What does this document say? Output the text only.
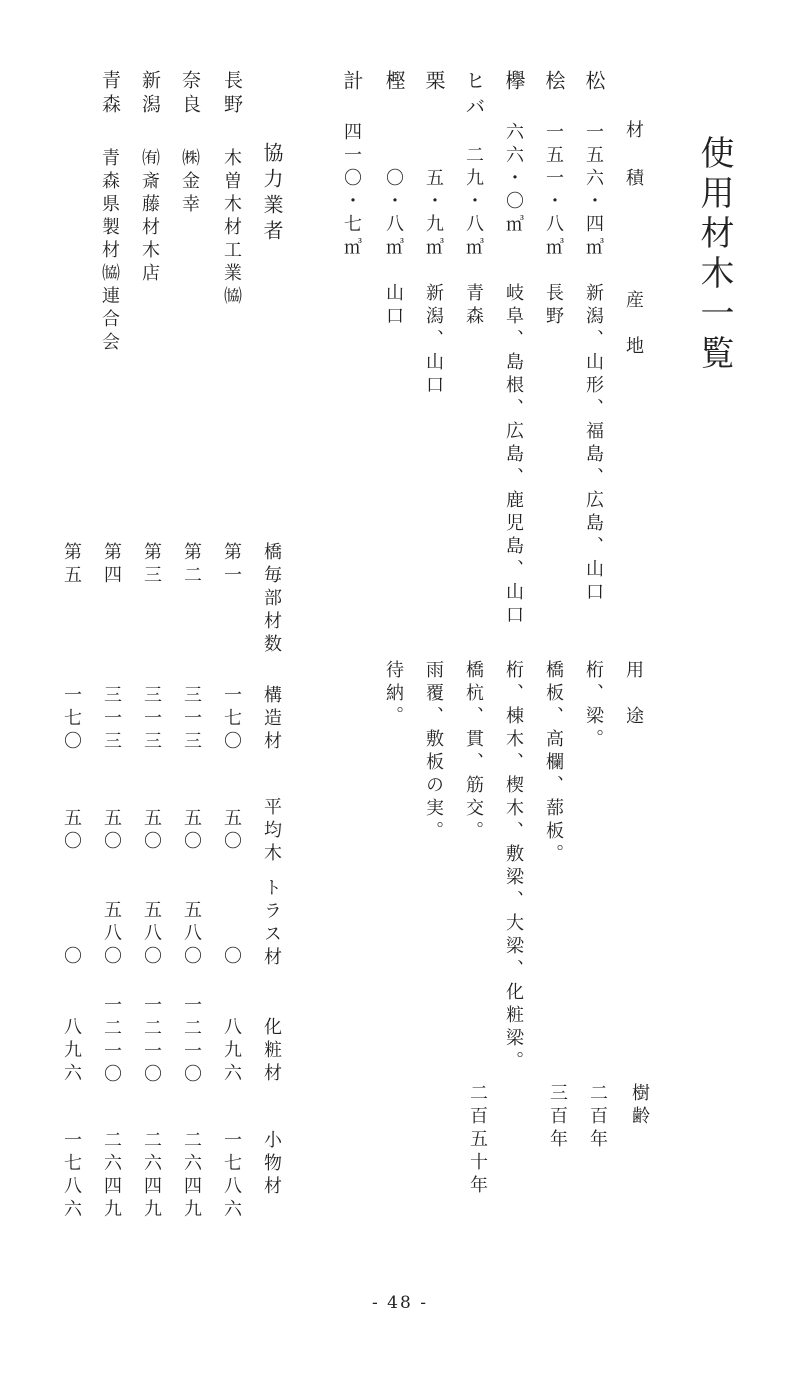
使用材木一覧
材
積
産　地
用　途
樹齢
松
一五六・四㎥
新潟、山形、福島、広島、山口
桁、梁。
二百年
桧
一五一・八㎥
長野
橋板、高欄、蔀板。
三百年
欅
六六・〇㎥
岐阜、島根、広島、鹿児島、山口
桁、棟木、楔木、敷梁、大梁、化粧梁。
ヒバ
二九・八㎥
青森
橋杭、貫、筋交。
二百五十年
栗
五・九㎥
新潟、山口
雨覆、敷板の実。
樫
〇・八㎥
山口
待納。
計
四一〇・七㎥
協力業者
長野
木曽木材工業㈿
奈良
㈱金幸
新潟
㈲斎藤材木店
青森
青森県製材㈿連合会
橋毎部材数
構造材
平均木
トラス材
化粧材
小物材
第一
一七〇
五〇
〇
八九六
一七八六
第二
三一三
五〇
五八〇
一二一〇
二六四九
第三
三一三
五〇
五八〇
一二一〇
二六四九
第四
三一三
五〇
五八〇
一二一〇
二六四九
第五
一七〇
五〇
〇
八九六
一七八六
- 48 -
